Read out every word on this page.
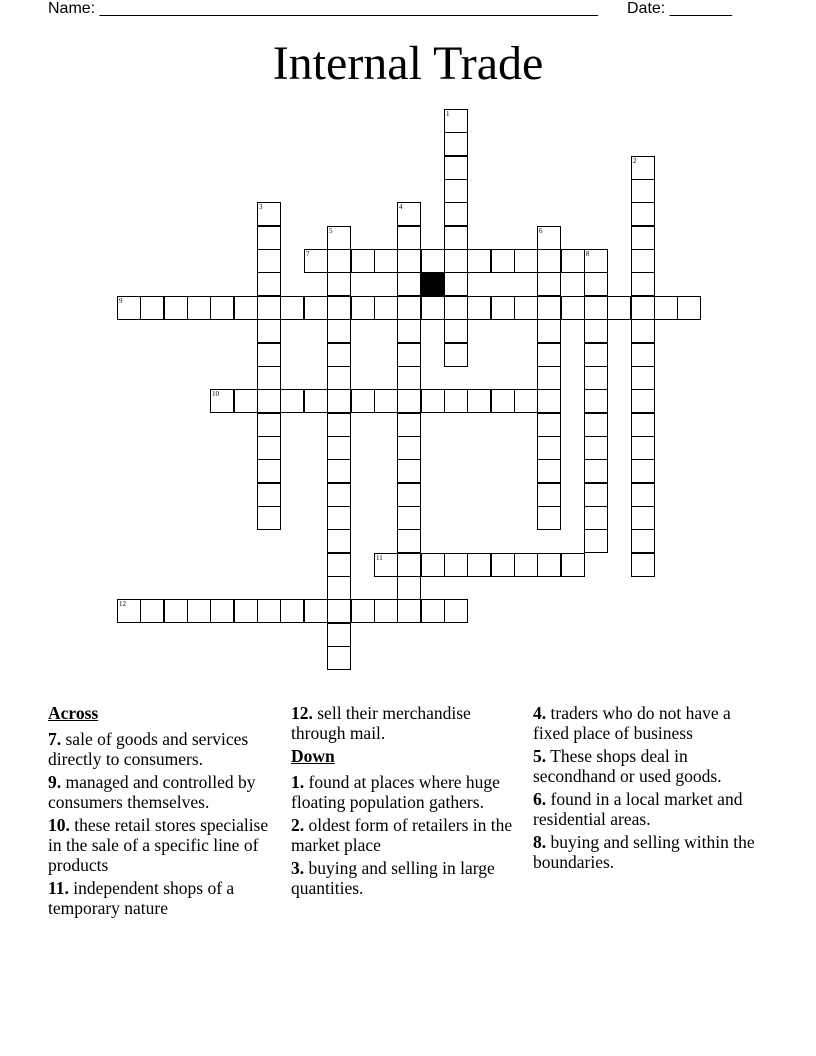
Name: ________________________________________________________ Date: _______
Internal Trade
1
2
3	4
5	6
7	8
9
10
11
12
Across
7. sale of goods and services directly to consumers.
9. managed and controlled by consumers themselves.
10. these retail stores specialise in the sale of a specific line of products
11. independent shops of a temporary nature
12. sell their merchandise through mail.
Down
1. found at places where huge floating population gathers.
2. oldest form of retailers in the market place
3. buying and selling in large quantities.
4. traders who do not have a fixed place of business
5. These shops deal in secondhand or used goods.
6. found in a local market and residential areas.
8. buying and selling within the boundaries.
